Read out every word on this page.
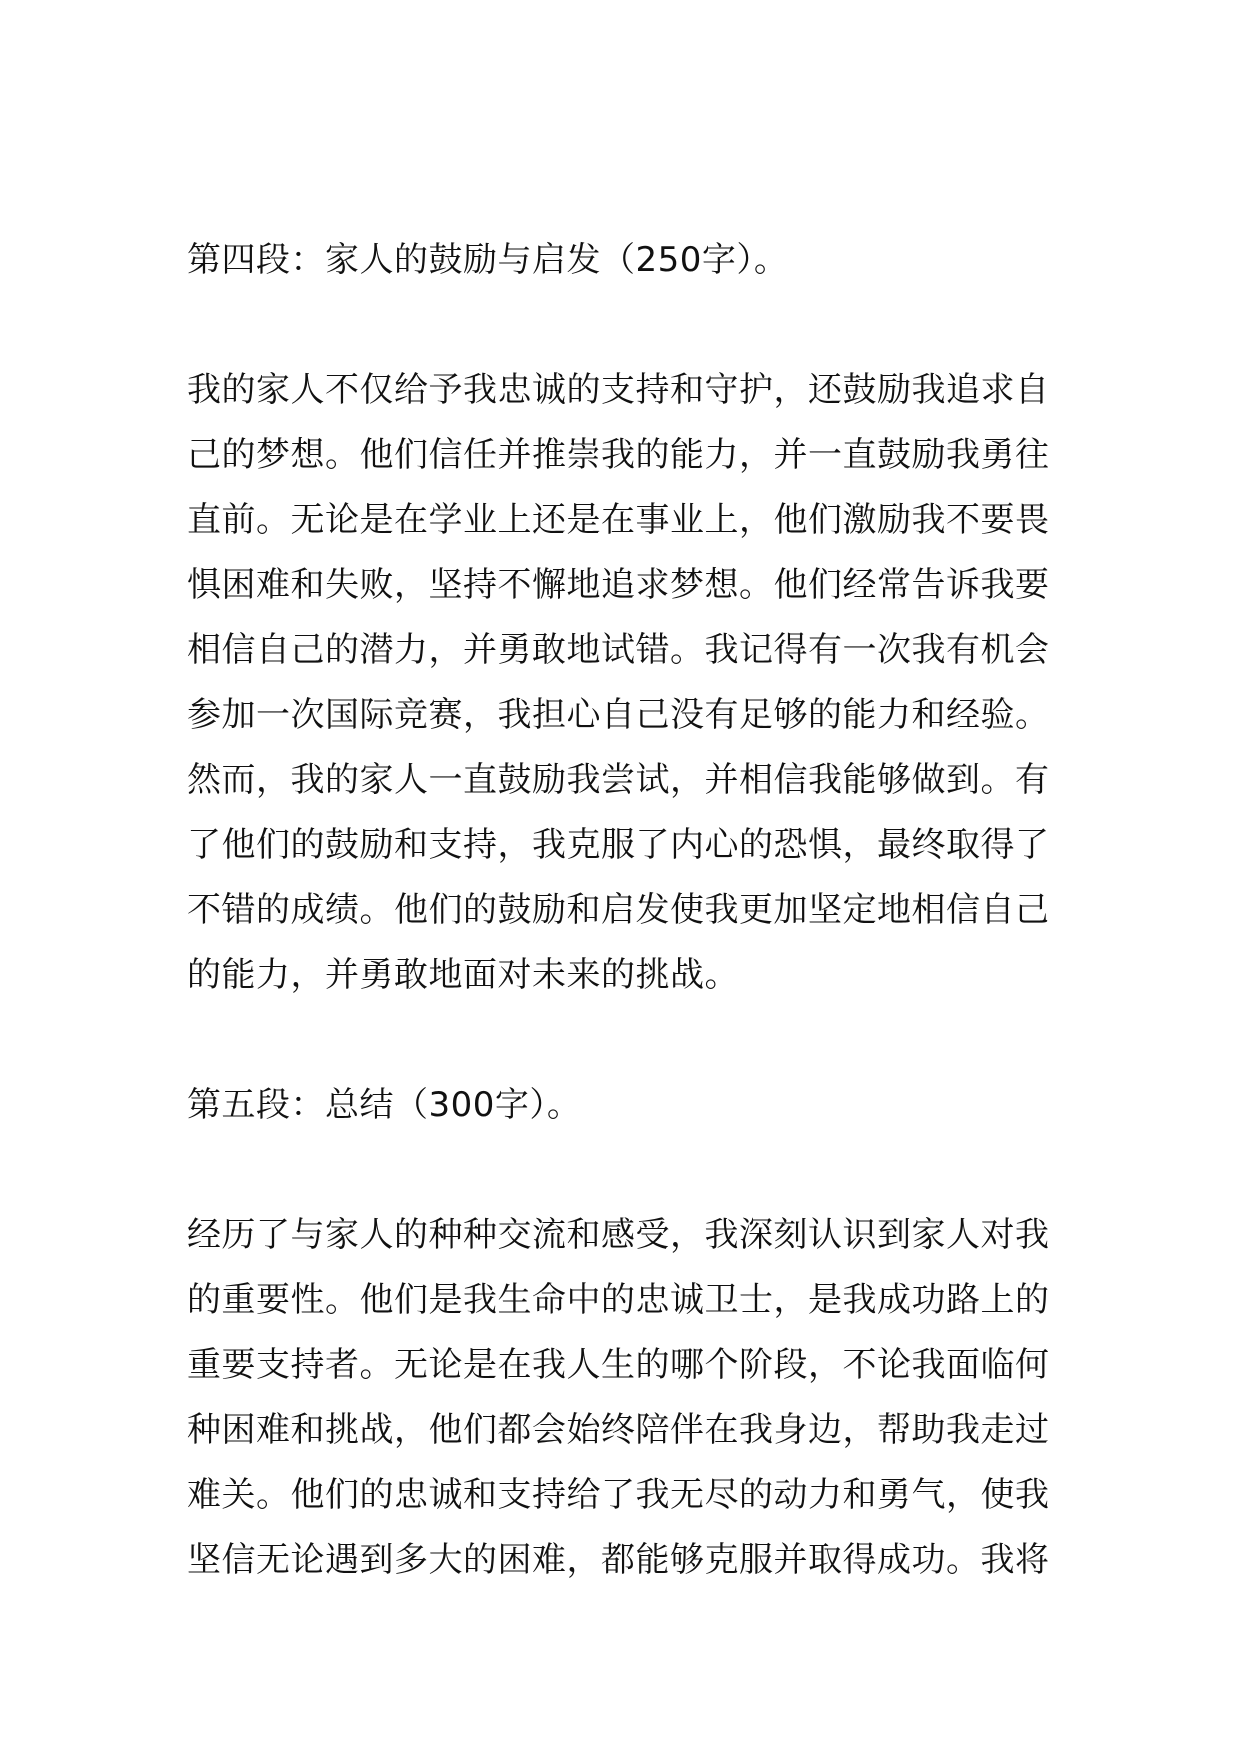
第四段：家人的鼓励与启发（250字）。

我的家人不仅给予我忠诚的支持和守护，还鼓励我追求自
己的梦想。他们信任并推崇我的能力，并一直鼓励我勇往
直前。无论是在学业上还是在事业上，他们激励我不要畏
惧困难和失败，坚持不懈地追求梦想。他们经常告诉我要
相信自己的潜力，并勇敢地试错。我记得有一次我有机会
参加一次国际竞赛，我担心自己没有足够的能力和经验。
然而，我的家人一直鼓励我尝试，并相信我能够做到。有
了他们的鼓励和支持，我克服了内心的恐惧，最终取得了
不错的成绩。他们的鼓励和启发使我更加坚定地相信自己
的能力，并勇敢地面对未来的挑战。

第五段：总结（300字）。

经历了与家人的种种交流和感受，我深刻认识到家人对我
的重要性。他们是我生命中的忠诚卫士，是我成功路上的
重要支持者。无论是在我人生的哪个阶段，不论我面临何
种困难和挑战，他们都会始终陪伴在我身边，帮助我走过
难关。他们的忠诚和支持给了我无尽的动力和勇气，使我
坚信无论遇到多大的困难，都能够克服并取得成功。我将
